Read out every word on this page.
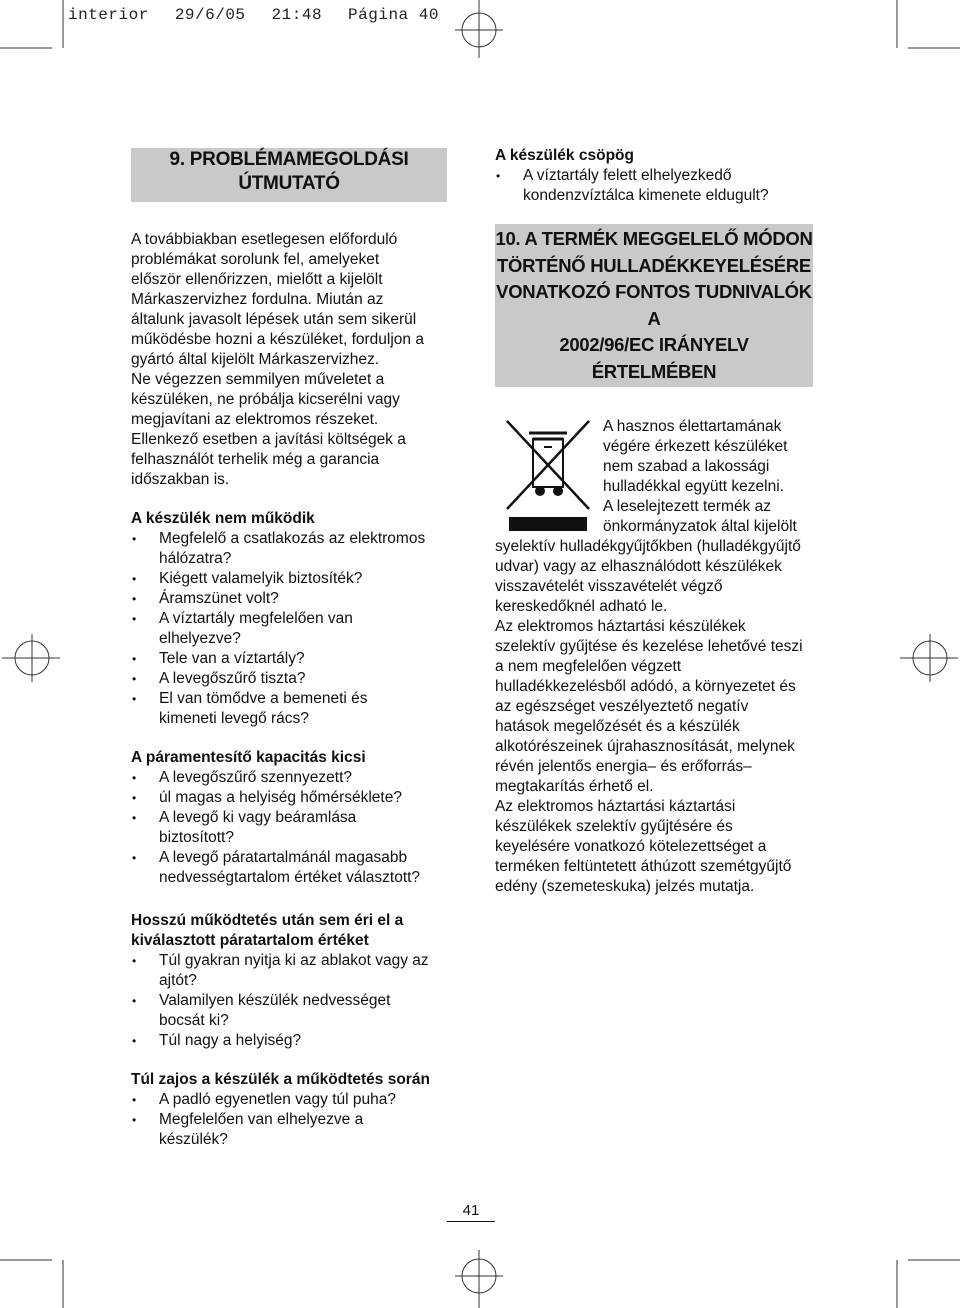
interior 29/6/05 21:48 Página 40
9. PROBLÉMAMEGOLDÁSI
ÚTMUTATÓ

A továbbiakban esetlegesen előforduló
problémákat sorolunk fel, amelyeket
először ellenőrizzen, mielőtt a kijelölt
Márkaszervizhez fordulna. Miután az
általunk javasolt lépések után sem sikerül
működésbe hozni a készüléket, forduljon a
gyártó által kijelölt Márkaszervizhez.
Ne végezzen semmilyen műveletet a
készüléken, ne próbálja kicserélni vagy
megjavítani az elektromos részeket.
Ellenkező esetben a javítási költségek a
felhasználót terhelik még a garancia
időszakban is.

A készülék nem működik

• Megfelelő a csatlakozás az elektromos
hálózatra?
• Kiégett valamelyik biztosíték?
• Áramszünet volt?
• A víztartály megfelelően van
elhelyezve?
• Tele van a víztartály?
• A levegőszűrő tiszta?
• El van tömődve a bemeneti és
kimeneti levegő rács?

A páramentesítő kapacitás kicsi

• A levegőszűrő szennyezett?
• úl magas a helyiség hőmérséklete?
• A levegő ki vagy beáramlása
biztosított?
• A levegő páratartalmánál magasabb
nedvességtartalom értéket választott?

Hosszú működtetés után sem éri el a
kiválasztott páratartalom értéket

• Túl gyakran nyitja ki az ablakot vagy az
ajtót?
• Valamilyen készülék nedvességet
bocsát ki?
• Túl nagy a helyiség?

Túl zajos a készülék a működtetés során

• A padló egyenetlen vagy túl puha?
• Megfelelően van elhelyezve a
készülék?

A készülék csöpög

• A víztartály felett elhelyezkedő
kondenzvíztálca kimenete eldugult?
10. A TERMÉK MEGGELELŐ MÓDON
TÖRTÉNŐ HULLADÉKKEYELÉSÉRE
VONATKOZÓ FONTOS TUDNIVALÓK A
2002/96/EC IRÁNYELV ÉRTELMÉBEN

A hasznos élettartamának
végére érkezett készüléket
nem szabad a lakossági
hulladékkal együtt kezelni.
A leselejtezett termék az
önkormányzatok által kijelölt
syelektív hulladékgyűjtőkben (hulladékgyűjtő
udvar) vagy az elhasználódott készülékek
visszavételét visszavételét végző
kereskedőknél adható le.
Az elektromos háztartási készülékek
szelektív gyűjtése és kezelése lehetővé teszi
a nem megfelelően végzett
hulladékkezelésből adódó, a környezetet és
az egészséget veszélyeztető negatív
hatások megelőzését és a készülék
alkotórészeinek újrahasznosítását, melynek
révén jelentős energia– és erőforrás–
megtakarítás érhető el.
Az elektromos háztartási káztartási
készülékek szelektív gyűjtésére és
keyelésére vonatkozó kötelezettséget a
terméken feltüntetett áthúzott szemétgyűjtő
edény (szemeteskuka) jelzés mutatja.

41
